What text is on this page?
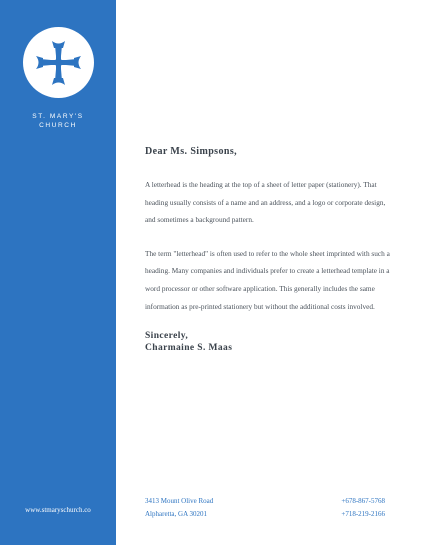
ST. MARY'S
CHURCH
www.stmaryschurch.co

Dear Ms. Simpsons,

A letterhead is the heading at the top of a sheet of letter paper (stationery). That heading usually consists of a name and an address, and a logo or corporate design, and sometimes a background pattern.

The term "letterhead" is often used to refer to the whole sheet imprinted with such a heading. Many companies and individuals prefer to create a letterhead template in a word processor or other software application. This generally includes the same information as pre-printed stationery but without the additional costs involved.

Sincerely,
Charmaine S. Maas
3413 Mount Olive Road
Alpharetta, GA 30201
+678-867-5768
+718-219-2166
